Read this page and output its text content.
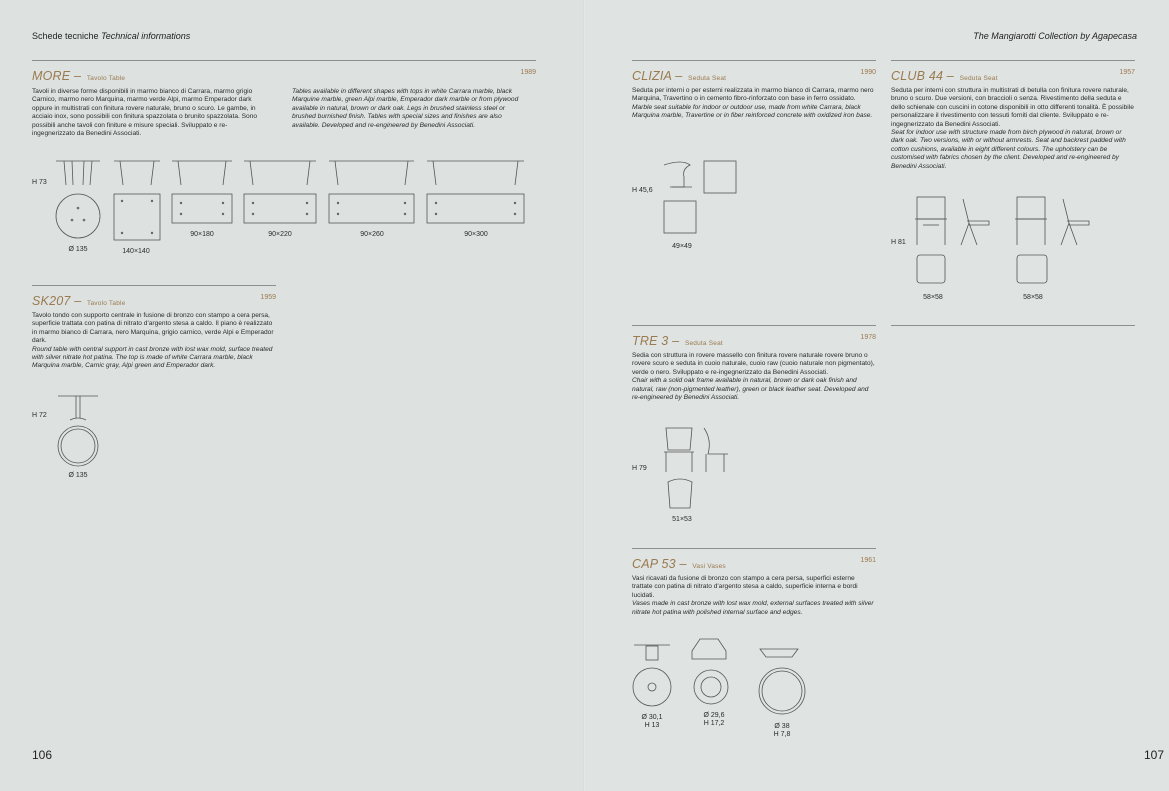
Schede tecniche Technical informations
MORE – Tavolo Table
1989
Tavoli in diverse forme disponibili in marmo bianco di Carrara, marmo grigio Carnico, marmo nero Marquina, marmo verde Alpi, marmo Emperador dark oppure in multistrati con finitura rovere naturale, bruno o scuro. Le gambe, in acciaio inox, sono possibili con finitura spazzolata o brunito spazzolata. Sono possibili anche tavoli con finiture e misure speciali. Sviluppato e re-ingegnerizzato da Benedini Associati.
Tables available in different shapes with tops in white Carrara marble, black Marquine marble, green Alpi marble, Emperador dark marble or from plywood available in natural, brown or dark oak. Legs in brushed stainless steel or brushed burnished finish. Tables with special sizes and finishes are also available. Developed and re-engineered by Benedini Associati.
H 73
Ø 135	140×140
90×180	90×220	90×260	90×300
SK207 – Tavolo Table
1959
Tavolo tondo con supporto centrale in fusione di bronzo con stampo a cera persa, superficie trattata con patina di nitrato d'argento stesa a caldo. Il piano è realizzato in marmo bianco di Carrara, nero Marquina, grigio carnico, verde Alpi e Emperador dark.
Round table with central support in cast bronze with lost wax mold, surface treated with silver nitrate hot patina. The top is made of white Carrara marble, black Marquina marble, Carnic gray, Alpi green and Emperador dark.
H 72
Ø 135
106
The Mangiarotti Collection by Agapecasa
CLIZIA – Seduta Seat
1990
Seduta per interni o per esterni realizzata in marmo bianco di Carrara, marmo nero Marquina, Travertino o in cemento fibro-rinforzato con base in ferro ossidato.
Marble seat suitable for indoor or outdoor use, made from white Carrara, black Marquina marble, Travertine or in fiber reinforced concrete with oxidized iron base.
H 45,6
49×49
CLUB 44 – Seduta Seat
1957
Seduta per interni con struttura in multistrati di betulla con finitura rovere naturale, bruno o scuro. Due versioni, con braccioli o senza. Rivestimento della seduta e dello schienale con cuscini in cotone disponibili in otto differenti tonalità. È possibile personalizzare il rivestimento con tessuti forniti dal cliente. Sviluppato e re-ingegnerizzato da Benedini Associati.
Seat for indoor use with structure made from birch plywood in natural, brown or dark oak. Two versions, with or without armrests. Seat and backrest padded with cotton cushions, available in eight different colours. The upholstery can be customised with fabrics chosen by the client. Developed and re-engineered by Benedini Associati.
H 81
58×58	58×58
TRE 3 – Seduta Seat
1978
Sedia con struttura in rovere massello con finitura rovere naturale rovere bruno o rovere scuro e seduta in cuoio naturale, cuoio raw (cuoio naturale non pigmentato), verde o nero. Sviluppato e re-ingegnerizzato da Benedini Associati.
Chair with a solid oak frame available in natural, brown or dark oak finish and natural, raw (non-pigmented leather), green or black leather seat. Developed and re-engineered by Benedini Associati.
H 79
51×53
CAP 53 – Vasi Vases
1961
Vasi ricavati da fusione di bronzo con stampo a cera persa, superfici esterne trattate con patina di nitrato d'argento stesa a caldo, superficie interna e bordi lucidati.
Vases made in cast bronze with lost wax mold, external surfaces treated with silver nitrate hot patina with polished internal surface and edges.
Ø 30,1
H 13
Ø 29,6
H 17,2	Ø 38
H 7,8
107
